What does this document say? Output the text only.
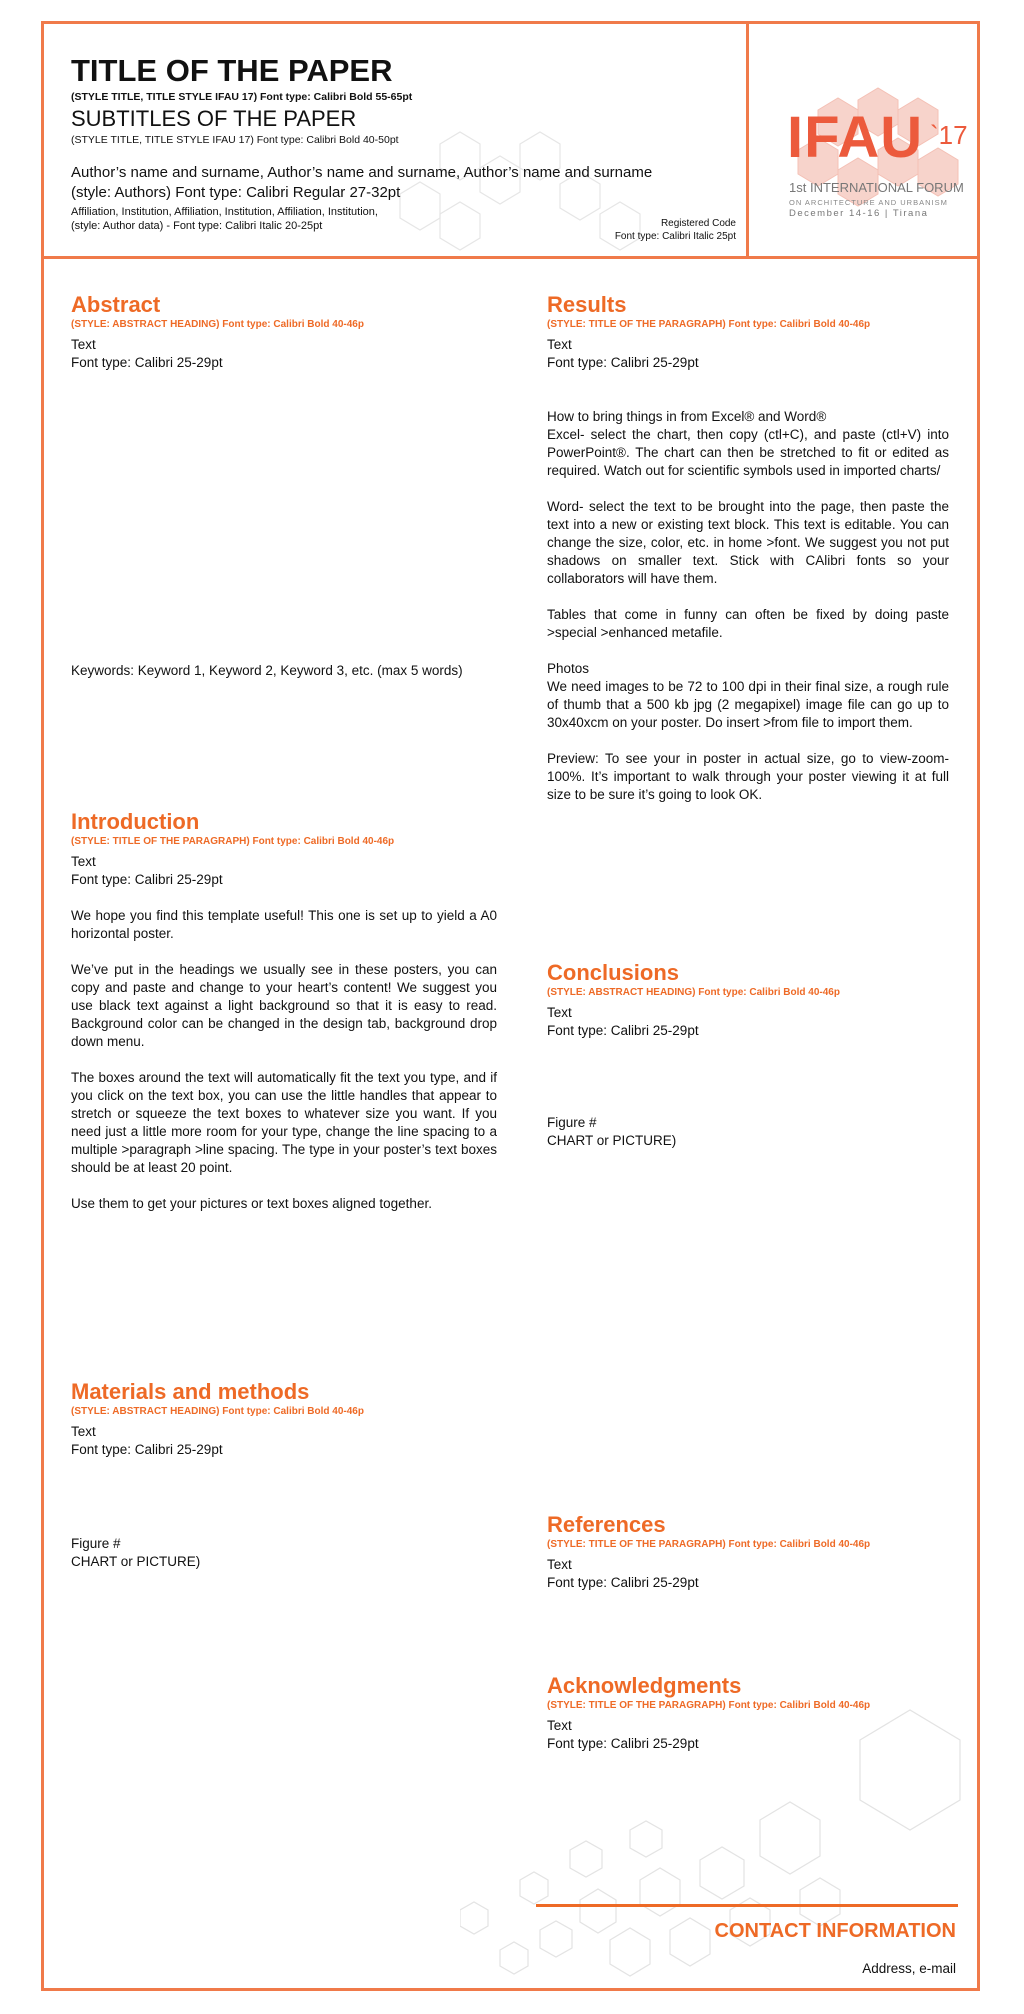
TITLE OF THE PAPER
(STYLE TITLE, TITLE STYLE IFAU 17) Font type: Calibri Bold 55-65pt
SUBTITLES OF THE PAPER
(STYLE TITLE, TITLE STYLE IFAU 17) Font type: Calibri Bold 40-50pt
Author’s name and surname, Author’s name and surname, Author’s name and surname
(style: Authors) Font type: Calibri Regular 27-32pt
Affiliation, Institution, Affiliation, Institution, Affiliation, Institution,
(style: Author data) - Font type: Calibri Italic 20-25pt	Registered Code
Font type: Calibri Italic 25pt
IFAU `17
1st INTERNATIONAL FORUM
ON ARCHITECTURE AND URBANISM
December 14-16 | Tirana
Abstract
(STYLE: ABSTRACT HEADING) Font type: Calibri Bold 40-46p
Text
Font type: Calibri 25-29pt
Keywords: Keyword 1, Keyword 2, Keyword 3, etc. (max 5 words)
Introduction
(STYLE: TITLE OF THE PARAGRAPH) Font type: Calibri Bold 40-46p
Text
Font type: Calibri 25-29pt

We hope you find this template useful! This one is set up to yield a A0 horizontal poster.

We’ve put in the headings we usually see in these posters, you can copy and paste and change to your heart’s content! We suggest you use black text against a light background so that it is easy to read. Background color can be changed in the design tab, background drop down menu.

The boxes around the text will automatically fit the text you type, and if you click on the text box, you can use the little handles that appear to stretch or squeeze the text boxes to whatever size you want. If you need just a little more room for your type, change the line spacing to a multiple >paragraph >line spacing. The type in your poster’s text boxes should be at least 20 point.

Use them to get your pictures or text boxes aligned together.

Materials and methods
(STYLE: ABSTRACT HEADING) Font type: Calibri Bold 40-46p
Text
Font type: Calibri 25-29pt
Figure #
CHART or PICTURE)
Results
(STYLE: TITLE OF THE PARAGRAPH) Font type: Calibri Bold 40-46p
Text
Font type: Calibri 25-29pt
How to bring things in from Excel® and Word®

Excel- select the chart, then copy (ctl+C), and paste (ctl+V) into PowerPoint®. The chart can then be stretched to fit or edited as required. Watch out for scientific symbols used in imported charts/

Word- select the text to be brought into the page, then paste the text into a new or existing text block. This text is editable. You can change the size, color, etc. in home >font. We suggest you not put shadows on smaller text. Stick with CAlibri fonts so your collaborators will have them.

Tables that come in funny can often be fixed by doing paste >special >enhanced metafile.

Photos

We need images to be 72 to 100 dpi in their final size, a rough rule of thumb that a 500 kb jpg (2 megapixel) image file can go up to 30x40xcm on your poster. Do insert >from file to import them.

Preview: To see your in poster in actual size, go to view-zoom-100%. It’s important to walk through your poster viewing it at full size to be sure it’s going to look OK.

Conclusions
(STYLE: ABSTRACT HEADING) Font type: Calibri Bold 40-46p
Text
Font type: Calibri 25-29pt
Figure #
CHART or PICTURE)
References
(STYLE: TITLE OF THE PARAGRAPH) Font type: Calibri Bold 40-46p
Text
Font type: Calibri 25-29pt
Acknowledgments
(STYLE: TITLE OF THE PARAGRAPH) Font type: Calibri Bold 40-46p
Text
Font type: Calibri 25-29pt
CONTACT INFORMATION
Address, e-mail
